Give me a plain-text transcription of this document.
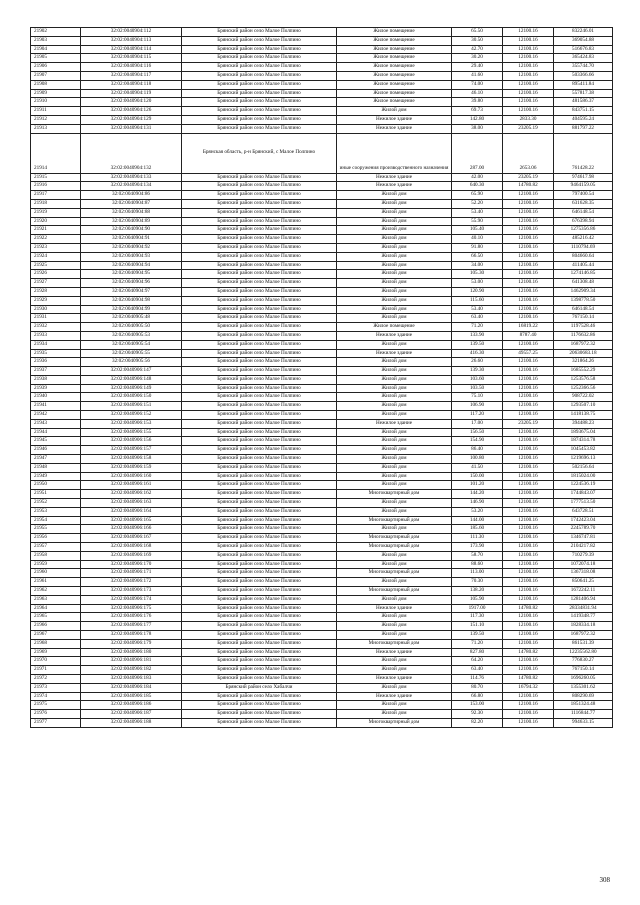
21902	32:02:0040904:112	Брянский район село Малое Полпино	Жилое помещение	65.50	12100.16	832246.01
21903	32:02:0040904:113	Брянский район село Малое Полпино	Жилое помещение	30.50	12100.16	369054.88
21904	32:02:0040904:114	Брянский район село Малое Полпино	Жилое помещение	42.70	12100.16	516676.83
21905	32:02:0040904:115	Брянский район село Малое Полпино	Жилое помещение	30.20	12100.16	365424.83
21906	32:02:0040904:116	Брянский район село Малое Полпино	Жилое помещение	29.40	12100.16	355744.70
21907	32:02:0040904:117	Брянский район село Малое Полпино	Жилое помещение	41.60	12100.16	503366.66
21908	32:02:0040904:118	Брянский район село Малое Полпино	Жилое помещение	74.00	12100.16	895411.84
21909	32:02:0040904:119	Брянский район село Малое Полпино	Жилое помещение	46.10	12100.16	557817.38
21910	32:02:0040904:120	Брянский район село Малое Полпино	Жилое помещение	39.80	12100.16	481586.37
21911	32:02:0040904:126	Брянский район село Малое Полпино	Жилой дом	69.73	12100.16	843751.15
21912	32:02:0040904:129	Брянский район село Малое Полпино	Нежилое здание	142.80	2833.30	404595.24
21913	32:02:0040904:131	Брянский район село Малое Полпино	Нежилое здание	38.00	23205.19	881797.22
21914	32:02:0040904:132	Брянская область, р-н Брянский, с Малое Полпино	иные сооружения производственного назначения	287.00	2653.06	761428.22
21915	32:02:0040904:133	Брянский район село Малое Полпино	Нежилое здание	42.00	23205.19	974617.98
21916	32:02:0040904:134	Брянский район село Малое Полпино	Нежилое здание	640.30	14780.82	9464159.05
21917	32:02:0040904:86	Брянский район село Малое Полпино	Жилой дом	65.90	12100.16	797400.54
21918	32:02:0040904:87	Брянский район село Малое Полпино	Жилой дом	52.20	12100.16	631628.35
21919	32:02:0040904:88	Брянский район село Малое Полпино	Жилой дом	53.40	12100.16	646148.54
21920	32:02:0040904:89	Брянский район село Малое Полпино	Жилой дом	55.90	12100.16	676398.94
21921	32:02:0040904:90	Брянский район село Малое Полпино	Жилой дом	105.40	12100.16	1275356.86
21922	32:02:0040904:91	Брянский район село Малое Полпино	Жилой дом	40.10	12100.16	485216.42
21923	32:02:0040904:92	Брянский район село Малое Полпино	Жилой дом	91.80	12100.16	1110794.69
21924	32:02:0040904:93	Брянский район село Малое Полпино	Жилой дом	66.50	12100.16	804660.64
21925	32:02:0040904:94	Брянский район село Малое Полпино	Жилой дом	34.00	12100.16	411405.44
21926	32:02:0040904:95	Брянский район село Малое Полпино	Жилой дом	105.30	12100.16	1274146.85
21927	32:02:0040904:96	Брянский район село Малое Полпино	Жилой дом	53.00	12100.16	641308.48
21928	32:02:0040904:97	Брянский район село Малое Полпино	Жилой дом	120.90	12100.16	1462909.34
21929	32:02:0040904:98	Брянский район село Малое Полпино	Жилой дом	115.60	12100.16	1398778.50
21930	32:02:0040904:99	Брянский район село Малое Полпино	Жилой дом	53.40	12100.16	646148.54
21931	32:02:0040905:48	Брянский район село Малое Полпино	Жилой дом	63.40	12100.16	767150.14
21932	32:02:0040905:50	Брянский район село Малое Полпино	Жилое помещение	71.20	16819.22	1197528.46
21933	32:02:0040905:53	Брянский район село Малое Полпино	Нежилое здание	133.90	8787.40	1176632.86
21934	32:02:0040905:54	Брянский район село Малое Полпино	Жилой дом	139.50	12100.16	1687972.32
21935	32:02:0040905:55	Брянский район село Малое Полпино	Нежилое здание	416.30	49557.25	20630683.18
21936	32:02:0040905:56	Брянский район село Малое Полпино	Жилой дом	26.60	12100.16	321864.26
21937	32:02:0040906:147	Брянский район село Малое Полпино	Жилой дом	139.30	12100.16	1685552.29
21938	32:02:0040906:148	Брянский район село Малое Полпино	Жилой дом	103.60	12100.16	1253576.58
21939	32:02:0040906:149	Брянский район село Малое Полпино	Жилой дом	103.50	12100.16	1252366.56
21940	32:02:0040906:150	Брянский район село Малое Полпино	Жилой дом	75.10	12100.16	908722.02
21941	32:02:0040906:151	Брянский район село Малое Полпино	Жилой дом	106.90	12100.16	1293507.10
21942	32:02:0040906:152	Брянский район село Малое Полпино	Жилой дом	117.20	12100.16	1418138.75
21943	32:02:0040906:153	Брянский район село Малое Полпино	Нежилое здание	17.00	23205.19	394488.23
21944	32:02:0040906:155	Брянский район село Малое Полпино	Жилой дом	156.50	12100.16	1893675.04
21945	32:02:0040906:156	Брянский район село Малое Полпино	Жилой дом	154.90	12100.16	1874314.78
21946	32:02:0040906:157	Брянский район село Малое Полпино	Жилой дом	86.40	12100.16	1045453.82
21947	32:02:0040906:158	Брянский район село Малое Полпино	Жилой дом	100.80	12100.16	1219696.13
21948	32:02:0040906:159	Брянский район село Малое Полпино	Жилой дом	41.50	12100.16	502156.64
21949	32:02:0040906:160	Брянский район село Малое Полпино	Жилой дом	150.00	12100.16	1815024.00
21950	32:02:0040906:161	Брянский район село Малое Полпино	Жилой дом	101.20	12100.16	1224536.19
21951	32:02:0040906:162	Брянский район село Малое Полпино	Многоквартирный дом	144.20	12100.16	1744843.07
21952	32:02:0040906:163	Брянский район село Малое Полпино	Жилой дом	146.90	12100.16	1777513.50
21953	32:02:0040906:164	Брянский район село Малое Полпино	Жилой дом	53.20	12100.16	643728.51
21954	32:02:0040906:165	Брянский район село Малое Полпино	Многоквартирный дом	144.00	12100.16	1742423.04
21955	32:02:0040906:166	Брянский район село Малое Полпино	Жилой дом	185.60	12100.16	2245789.70
21956	32:02:0040906:167	Брянский район село Малое Полпино	Многоквартирный дом	111.30	12100.16	1346747.81
21957	32:02:0040906:168	Брянский район село Малое Полпино	Многоквартирный дом	173.90	12100.16	2104217.82
21958	32:02:0040906:169	Брянский район село Малое Полпино	Жилой дом	58.70	12100.16	710279.39
21959	32:02:0040906:170	Брянский район село Малое Полпино	Жилой дом	88.60	12100.16	1072074.18
21960	32:02:0040906:171	Брянский район село Малое Полпино	Многоквартирный дом	113.00	12100.16	1367318.08
21961	32:02:0040906:172	Брянский район село Малое Полпино	Жилой дом	70.30	12100.16	850641.25
21962	32:02:0040906:173	Брянский район село Малое Полпино	Многоквартирный дом	138.20	12100.16	1672242.11
21963	32:02:0040906:174	Брянский район село Малое Полпино	Жилой дом	105.90	12100.16	1281406.94
21964	32:02:0040906:175	Брянский район село Малое Полпино	Нежилое здание	1917.00	14780.82	28334831.94
21965	32:02:0040906:176	Брянский район село Малое Полпино	Жилой дом	117.30	12100.16	1419348.77
21966	32:02:0040906:177	Брянский район село Малое Полпино	Жилой дом	151.10	12100.16	1828334.18
21967	32:02:0040906:178	Брянский район село Малое Полпино	Жилой дом	139.50	12100.16	1687972.32
21968	32:02:0040906:179	Брянский район село Малое Полпино	Многоквартирный дом	71.20	12100.16	861531.39
21969	32:02:0040906:180	Брянский район село Малое Полпино	Нежилое здание	827.80	14780.82	12235562.80
21970	32:02:0040906:181	Брянский район село Малое Полпино	Жилой дом	64.20	12100.16	776830.27
21971	32:02:0040906:182	Брянский район село Малое Полпино	Жилой дом	63.40	12100.16	767150.14
21972	32:02:0040906:183	Брянский район село Малое Полпино	Нежилое здание	114.76	14780.82	1696260.05
21973	32:02:0040906:184	Брянский район село Хабалчи	Жилой дом	80.70	16794.32	1355301.62
21974	32:02:0040906:185	Брянский район село Малое Полпино	Нежилое здание	66.80	12100.16	808290.69
21975	32:02:0040906:186	Брянский район село Малое Полпино	Жилой дом	153.00	12100.16	1851324.48
21976	32:02:0040906:187	Брянский район село Малое Полпино	Жилой дом	92.30	12100.16	1116844.77
21977	32:02:0040906:188	Брянский район село Малое Полпино	Многоквартирный дом	82.20	12100.16	994633.15
308
